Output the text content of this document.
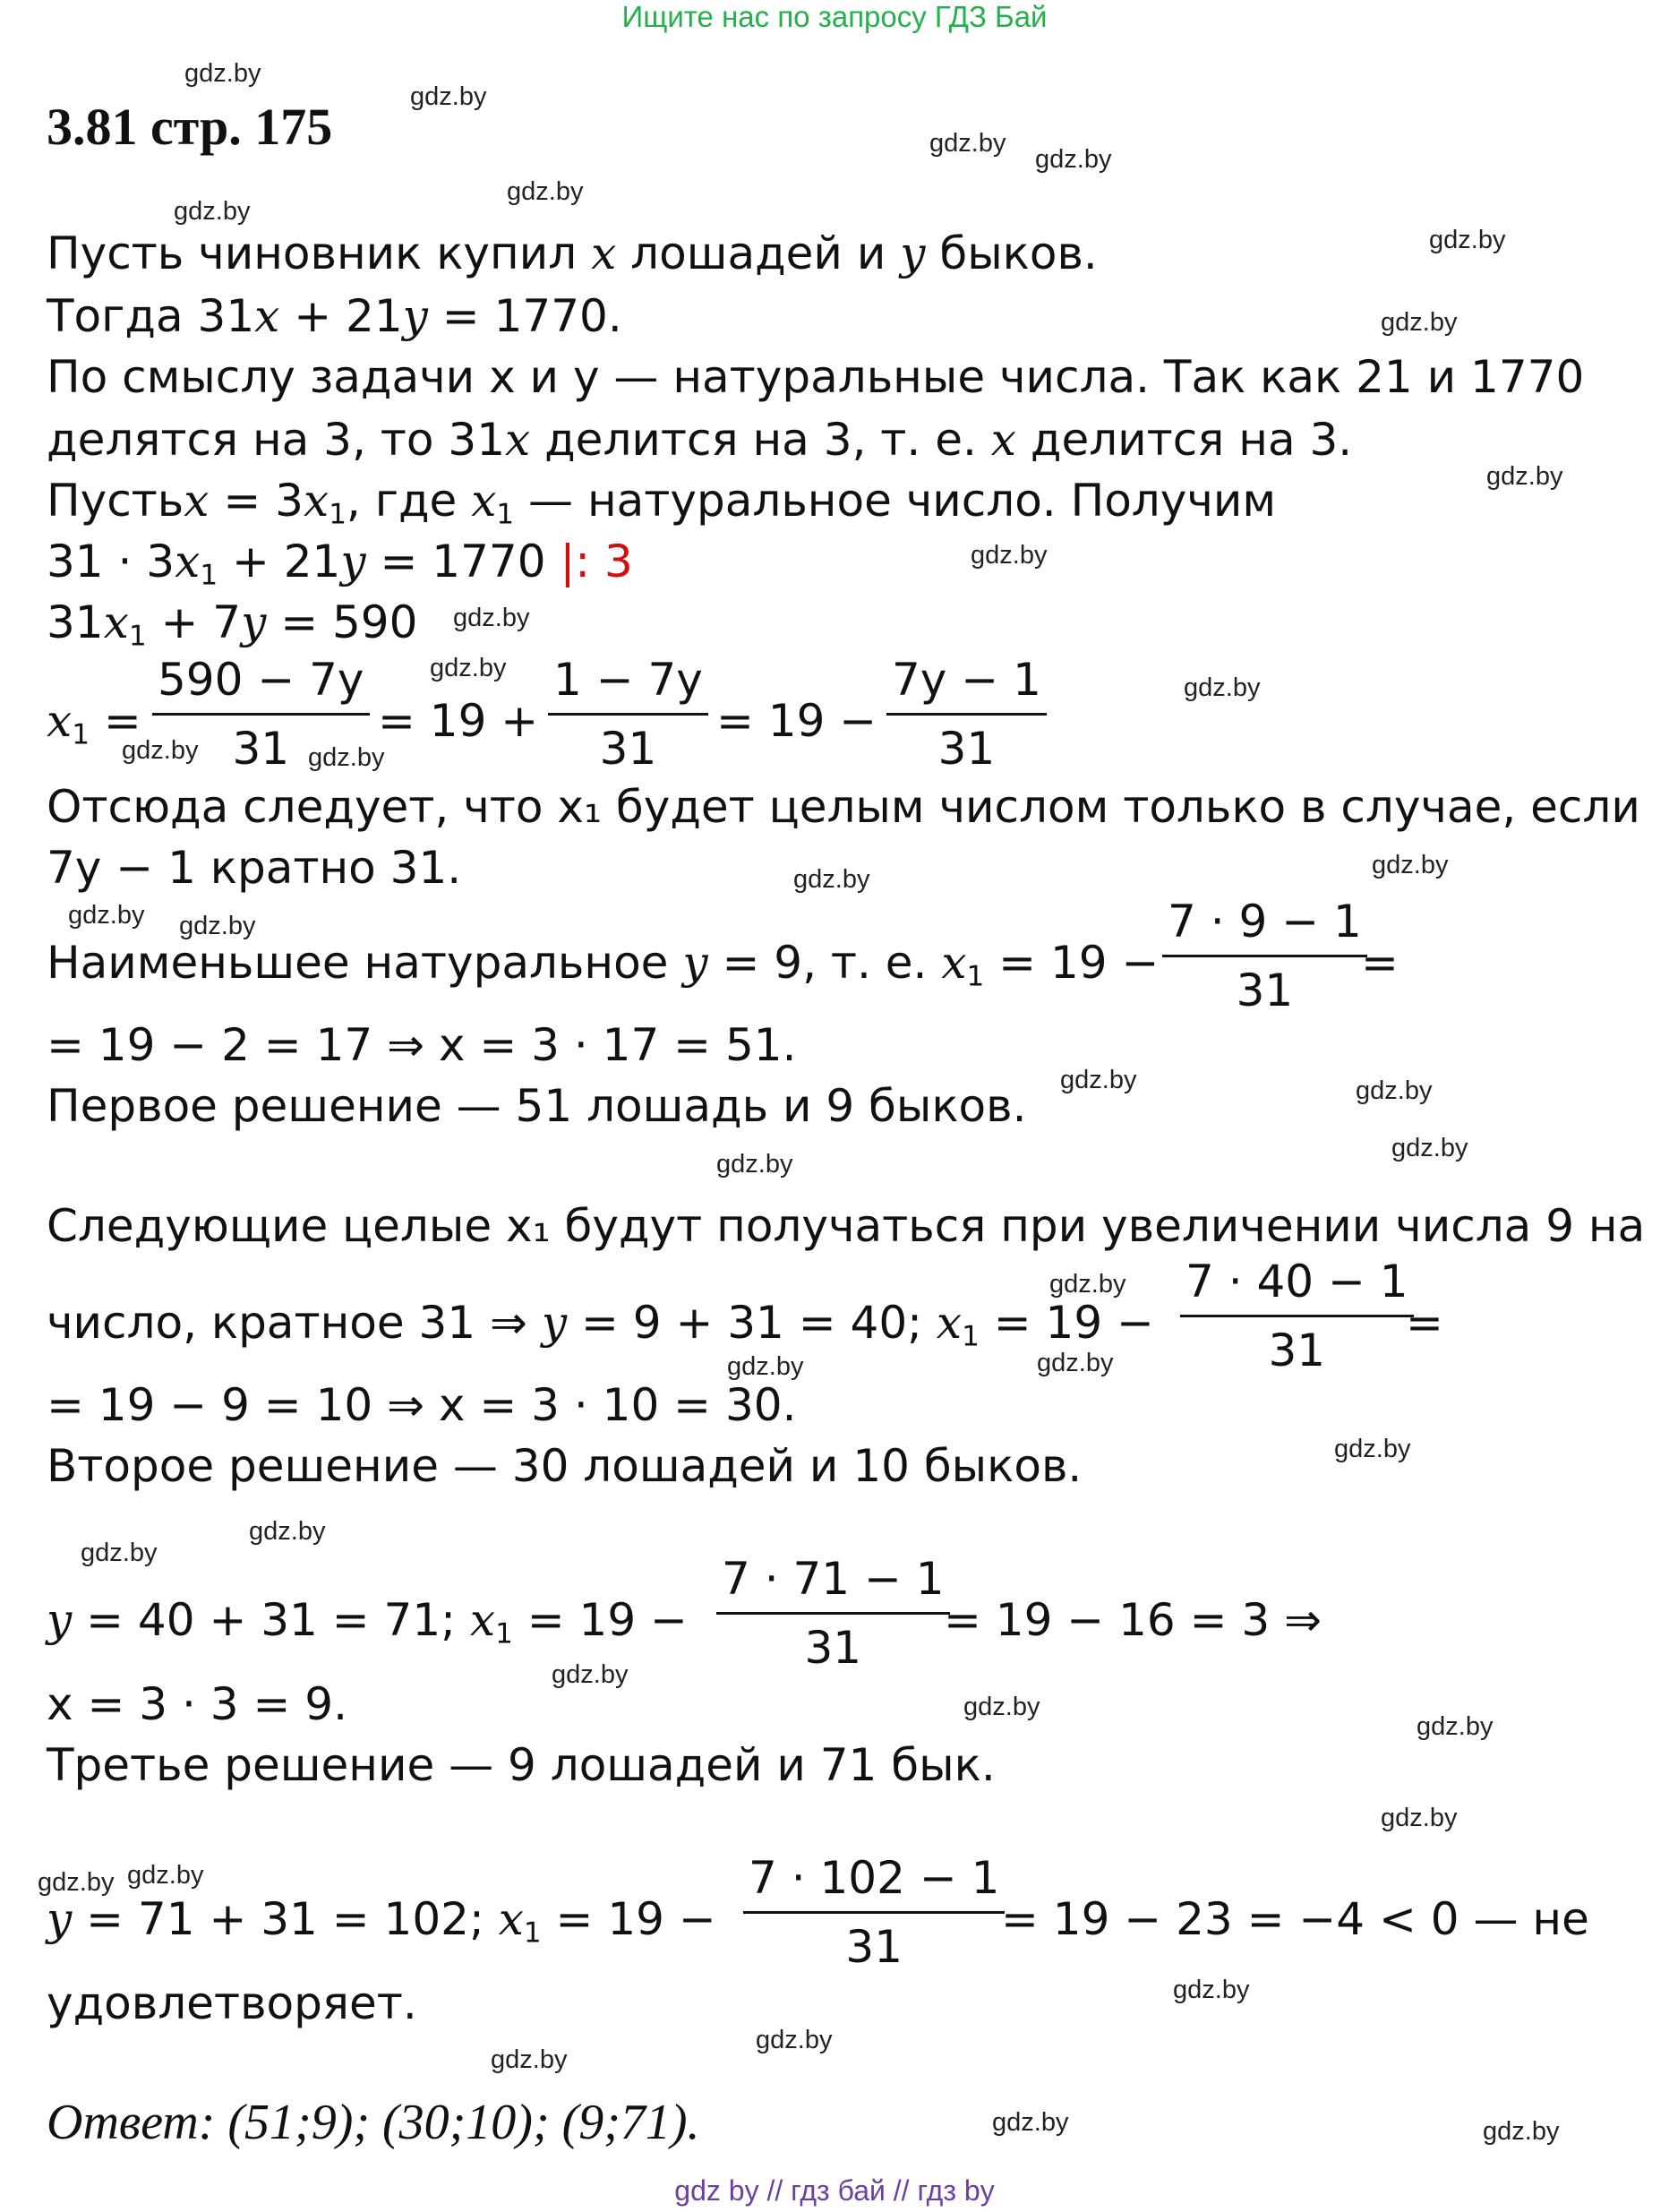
Ищите нас по запросу ГДЗ Бай
3.81 стр. 175
Пусть чиновник купил x лошадей и y быков.
Тогда 31x + 21y = 1770.
По смыслу задачи x и y — натуральные числа. Так как 21 и 1770
делятся на 3, то 31x делится на 3, т. е. x делится на 3.
Пустьx = $3x_1$, где $x_1$ — натуральное число. Получим
$31 \cdot 3x_1 + 21y = 1770$ |: 3
$31x_1 + 7y = 590$
$x_1 = \frac{590 - 7y}{31} = 19 + \frac{1 - 7y}{31} = 19 - \frac{7y - 1}{31}$
Отсюда следует, что x₁ будет целым числом только в случае, если
7y − 1 кратно 31.
Наименьшее натуральное y = 9, т. е. $x_1 = 19 - \frac{7 \cdot 9 - 1}{31}$
=
= 19 − 2 = 17 ⇒ x = 3 · 17 = 51.
Первое решение — 51 лошадь и 9 быков.
Следующие целые x₁ будут получаться при увеличении числа 9 на
число, кратное 31 ⇒ y = 9 + 31 = 40; $x_1 = 19 - \frac{7 \cdot 40 - 1}{31}$
=
= 19 − 9 = 10 ⇒ x = 3 · 10 = 30.
Второе решение — 30 лошадей и 10 быков.
y = 40 + 31 = 71; $x_1 = 19 - \frac{7 \cdot 71 - 1}{31}$
= 19 − 16 = 3 ⇒
x = 3 · 3 = 9.
Третье решение — 9 лошадей и 71 бык.
y = 71 + 31 = 102; $x_1 = 19 - \frac{7 \cdot 102 - 1}{31}$
= 19 − 23 = −4 < 0 — не
удовлетворяет.
Ответ: (51;9); (30;10); (9;71).
gdz.by
gdz.by
gdz.by
gdz.by
gdz.by
gdz.by
gdz.by
gdz.by
gdz.by
gdz.by
gdz.by
gdz.by
gdz.by
gdz.by	gdz.by
gdz.by
gdz.by
gdz.by gdz.by
gdz.by	gdz.by
gdz.by
gdz.by
gdz.by
gdz.by
gdz.by
gdz.by
gdz.by
gdz.by
gdz.by
gdz.by
gdz.by
gdz.by
gdz.by gdz.by
gdz.by
gdz.by
gdz.by
gdz.by	gdz.by
gdz by // гдз бай // гдз by
